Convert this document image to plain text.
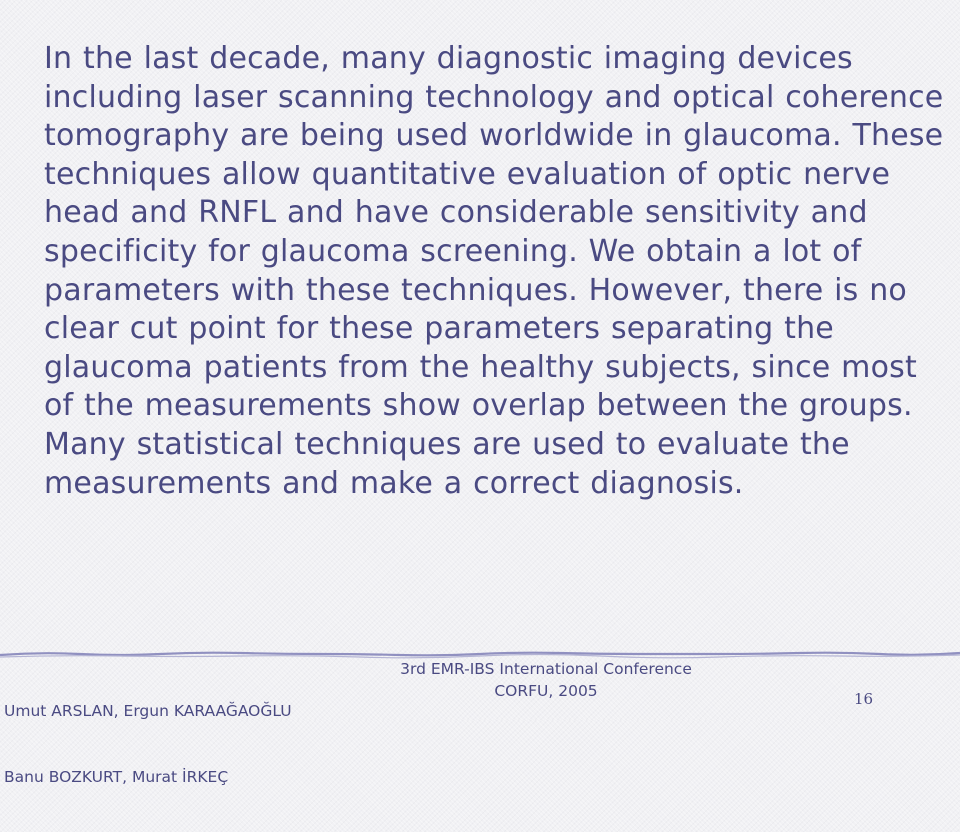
In the last decade, many diagnostic imaging devices including laser scanning technology and optical coherence tomography are being used worldwide in glaucoma. These techniques allow quantitative evaluation of optic nerve head and RNFL and have considerable sensitivity and specificity for glaucoma screening. We obtain a lot of parameters with these techniques. However, there is no clear cut point for these parameters separating the glaucoma patients from the healthy subjects, since most of the measurements show overlap between the groups. Many statistical techniques are used to evaluate the measurements and make a correct diagnosis.

Umut ARSLAN, Ergun KARAAĞAOĞLU

Banu BOZKURT, Murat İRKEÇ

3rd EMR-IBS International Conference
CORFU, 2005	16
